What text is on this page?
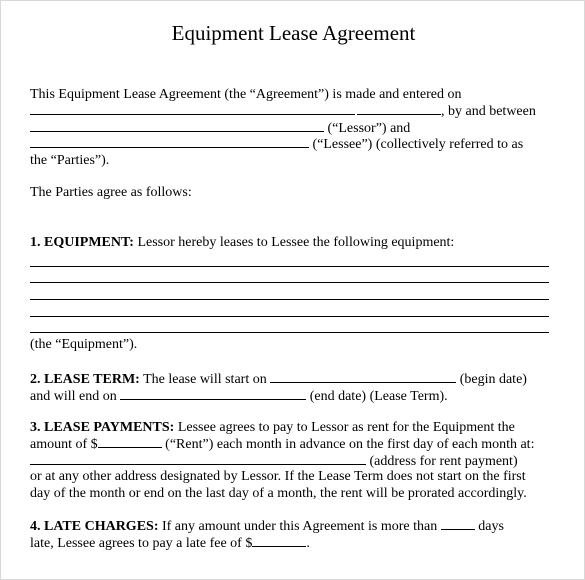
Equipment Lease Agreement
This Equipment Lease Agreement (the “Agreement”) is made and entered on
, by and between
(“Lessor”) and
(“Lessee”) (collectively referred to as
the “Parties”).
The Parties agree as follows:
1. EQUIPMENT: Lessor hereby leases to Lessee the following equipment:
(the “Equipment”).
2. LEASE TERM: The lease will start on	(begin date)
and will end on	(end date) (Lease Term).
3. LEASE PAYMENTS: Lessee agrees to pay to Lessor as rent for the Equipment the
amount of $	(“Rent”) each month in advance on the first day of each month at:
(address for rent payment)
or at any other address designated by Lessor. If the Lease Term does not start on the first
day of the month or end on the last day of a month, the rent will be prorated accordingly.
4. LATE CHARGES: If any amount under this Agreement is more than	days
late, Lessee agrees to pay a late fee of $	.
